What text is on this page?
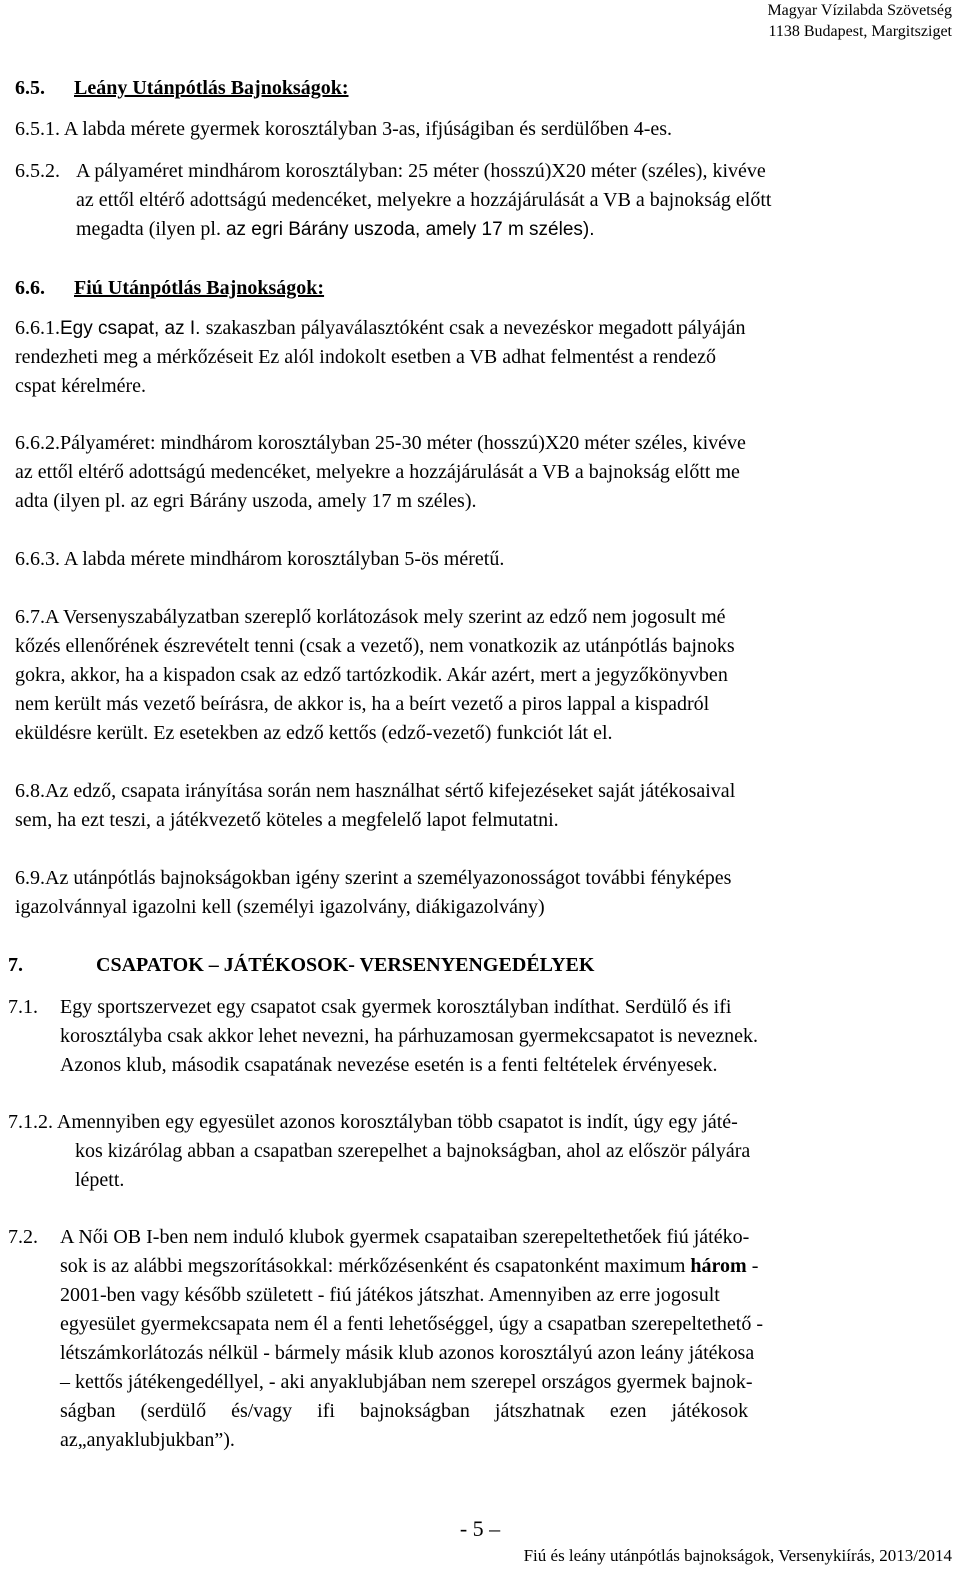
Magyar Vízilabda Szövetség
1138 Budapest, Margitsziget
6.5. Leány Utánpótlás Bajnokságok:
6.5.1. A labda mérete gyermek korosztályban 3-as, ifjúságiban és serdülőben 4-es.
6.5.2. A pályaméret mindhárom korosztályban: 25 méter (hosszú)X20 méter (széles), kivéve
az ettől eltérő adottságú medencéket, melyekre a hozzájárulását a VB a bajnokság előtt
megadta (ilyen pl. az egri Bárány uszoda, amely 17 m széles).
6.6. Fiú Utánpótlás Bajnokságok:
6.6.1.Egy csapat, az I. szakaszban pályaválasztóként csak a nevezéskor megadott pályáján
rendezheti meg a mérkőzéseit Ez alól indokolt esetben a VB adhat felmentést a rendező
cspat kérelmére.
6.6.2.Pályaméret: mindhárom korosztályban 25-30 méter (hosszú)X20 méter széles, kivéve
az ettől eltérő adottságú medencéket, melyekre a hozzájárulását a VB a bajnokság előtt me
adta (ilyen pl. az egri Bárány uszoda, amely 17 m széles).
6.6.3. A labda mérete mindhárom korosztályban 5-ös méretű.
6.7.A Versenyszabályzatban szereplő korlátozások mely szerint az edző nem jogosult mé
kőzés ellenőrének észrevételt tenni (csak a vezető), nem vonatkozik az utánpótlás bajnoks
gokra, akkor, ha a kispadon csak az edző tartózkodik. Akár azért, mert a jegyzőkönyvben
nem került más vezető beírásra, de akkor is, ha a beírt vezető a piros lappal a kispadról
eküldésre került. Ez esetekben az edző kettős (edző-vezető) funkciót lát el.
6.8.Az edző, csapata irányítása során nem használhat sértő kifejezéseket saját játékosaival
sem, ha ezt teszi, a játékvezető köteles a megfelelő lapot felmutatni.
6.9.Az utánpótlás bajnokságokban igény szerint a személyazonosságot további fényképes
igazolvánnyal igazolni kell (személyi igazolvány, diákigazolvány)
7.	CSAPATOK – JÁTÉKOSOK- VERSENYENGEDÉLYEK
7.1. Egy sportszervezet egy csapatot csak gyermek korosztályban indíthat. Serdülő és ifi
korosztályba csak akkor lehet nevezni, ha párhuzamosan gyermekcsapatot is neveznek.
Azonos klub, második csapatának nevezése esetén is a fenti feltételek érvényesek.
7.1.2. Amennyiben egy egyesület azonos korosztályban több csapatot is indít, úgy egy játé-
kos kizárólag abban a csapatban szerepelhet a bajnokságban, ahol az először pályára
lépett.
7.2. A Női OB I-ben nem induló klubok gyermek csapataiban szerepeltethetőek fiú játéko-
sok is az alábbi megszorításokkal: mérkőzésenként és csapatonként maximum három -
2001-ben vagy később született - fiú játékos játszhat. Amennyiben az erre jogosult
egyesület gyermekcsapata nem él a fenti lehetőséggel, úgy a csapatban szerepeltethető -
létszámkorlátozás nélkül - bármely másik klub azonos korosztályú azon leány játékosa
– kettős játékengedéllyel, - aki anyaklubjában nem szerepel országos gyermek bajnok-
ságban (serdülő és/vagy ifi bajnokságban játszhatnak ezen játékosok
az„anyaklubjukban”).
- 5 –
Fiú és leány utánpótlás bajnokságok, Versenykiírás, 2013/2014
